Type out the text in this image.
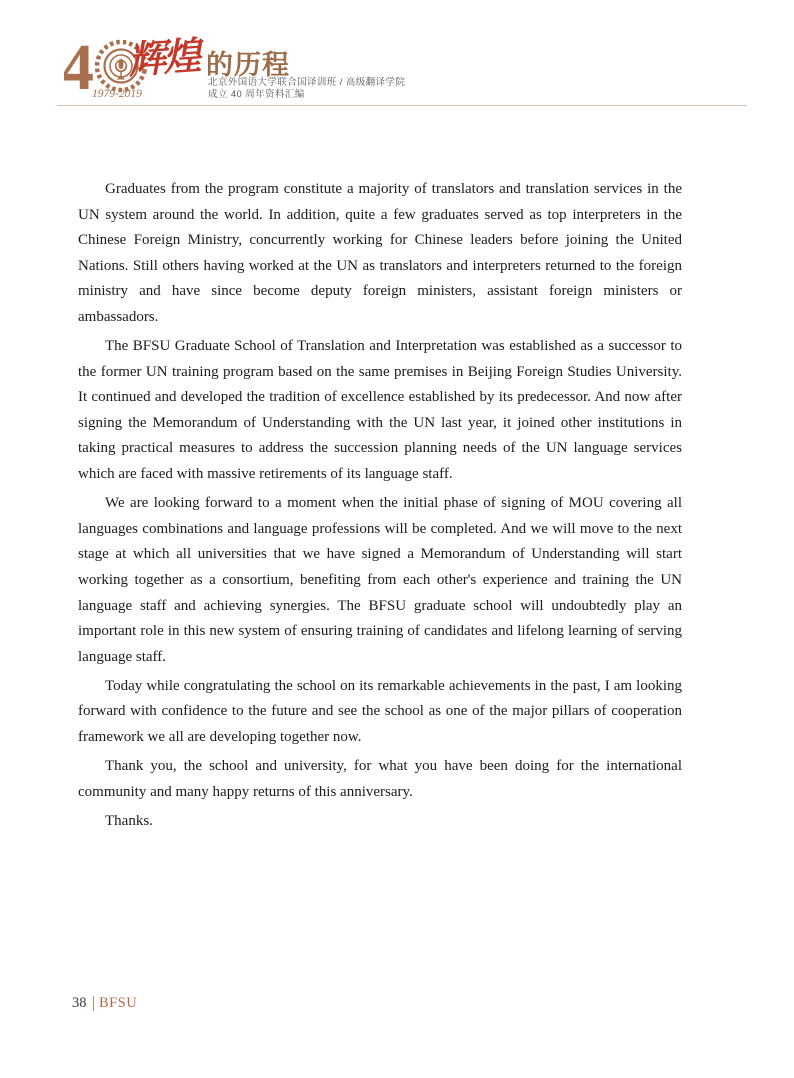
4
1979-2019
辉煌 的历程
北京外国语大学联合国译训班 / 高级翻译学院
成立 40 周年资料汇编

Graduates from the program constitute a majority of translators and translation services in the UN system around the world. In addition, quite a few graduates served as top interpreters in the Chinese Foreign Ministry, concurrently working for Chinese leaders before joining the United Nations. Still others having worked at the UN as translators and interpreters returned to the foreign ministry and have since become deputy foreign ministers, assistant foreign ministers or ambassadors.

The BFSU Graduate School of Translation and Interpretation was established as a successor to the former UN training program based on the same premises in Beijing Foreign Studies University. It continued and developed the tradition of excellence established by its predecessor. And now after signing the Memorandum of Understanding with the UN last year, it joined other institutions in taking practical measures to address the succession planning needs of the UN language services which are faced with massive retirements of its language staff.

We are looking forward to a moment when the initial phase of signing of MOU covering all languages combinations and language professions will be completed. And we will move to the next stage at which all universities that we have signed a Memorandum of Understanding will start working together as a consortium, benefiting from each other's experience and training the UN language staff and achieving synergies. The BFSU graduate school will undoubtedly play an important role in this new system of ensuring training of candidates and lifelong learning of serving language staff.

Today while congratulating the school on its remarkable achievements in the past, I am looking forward with confidence to the future and see the school as one of the major pillars of cooperation framework we all are developing together now.

Thank you, the school and university, for what you have been doing for the international community and many happy returns of this anniversary.

Thanks.

38 BFSU
